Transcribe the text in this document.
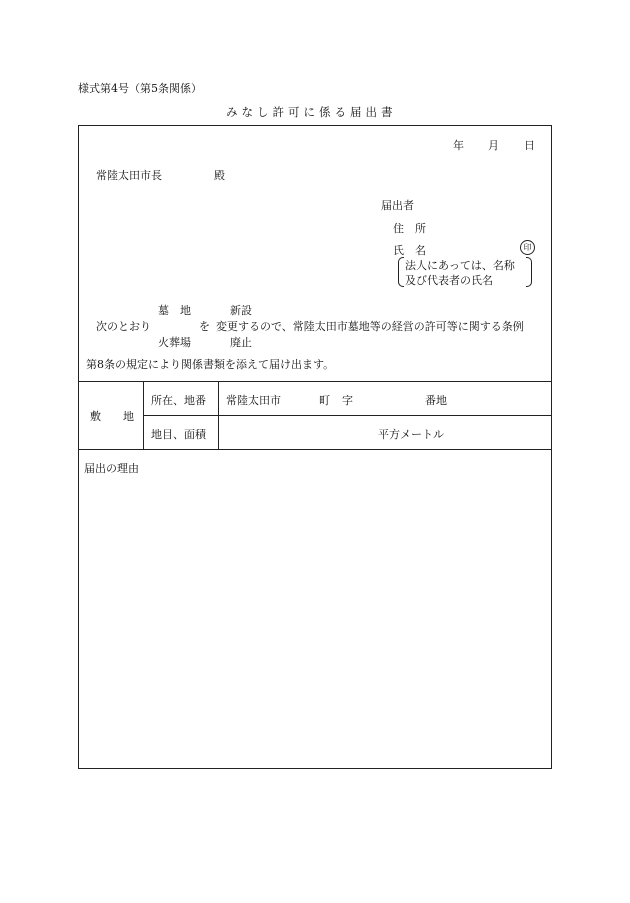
様式第4号（第5条関係）
みなし許可に係る届出書
年 月 日
常陸太田市長	殿
届出者
住　所
氏　名	印
法人にあっては、名称
及び代表者の氏名
墓　地	新設
次のとおり	を 変更するので、常陸太田市墓地等の経営の許可等に関する条例
火葬場	廃止
第8条の規定により関係書類を添えて届け出ます。
敷　　地
所在、地番 常陸太田市	町 字	番地
地目、面積	平方メートル
届出の理由
